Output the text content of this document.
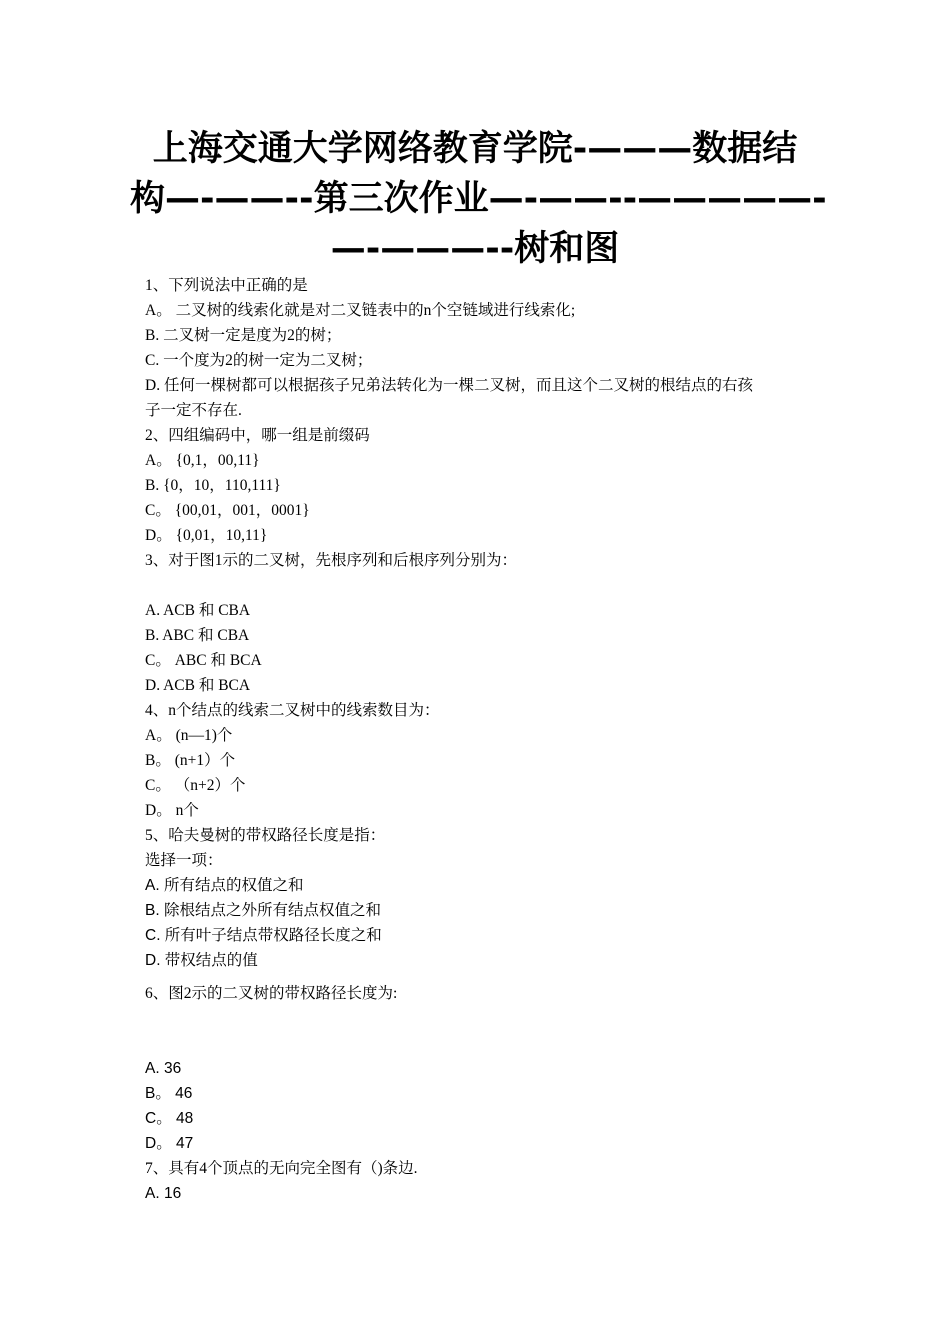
上海交通大学网络教育学院-———数据结
构—-——--第三次作业—-——--—————-
—-———--树和图
1、下列说法中正确的是
A。 二叉树的线索化就是对二叉链表中的n个空链域进行线索化;
B. 二叉树一定是度为2的树；
C. 一个度为2的树一定为二叉树；
D. 任何一棵树都可以根据孩子兄弟法转化为一棵二叉树，而且这个二叉树的根结点的右孩
子一定不存在.
2、四组编码中，哪一组是前缀码
A。 {0,1，00,11}
B. {0，10，110,111}
C。 {00,01，001，0001}
D。 {0,01，10,11}
3、对于图1示的二叉树，先根序列和后根序列分别为：
A. ACB 和 CBA
B. ABC 和 CBA
C。 ABC 和 BCA
D. ACB 和 BCA
4、n个结点的线索二叉树中的线索数目为：
A。 (n—1)个
B。 (n+1）个
C。 （n+2）个
D。 n个
5、哈夫曼树的带权路径长度是指：
选择一项：
A. 所有结点的权值之和
B. 除根结点之外所有结点权值之和
C. 所有叶子结点带权路径长度之和
D. 带权结点的值
6、图2示的二叉树的带权路径长度为:
A. 36
B。 46
C。 48
D。 47
7、具有4个顶点的无向完全图有（)条边.
A. 16
